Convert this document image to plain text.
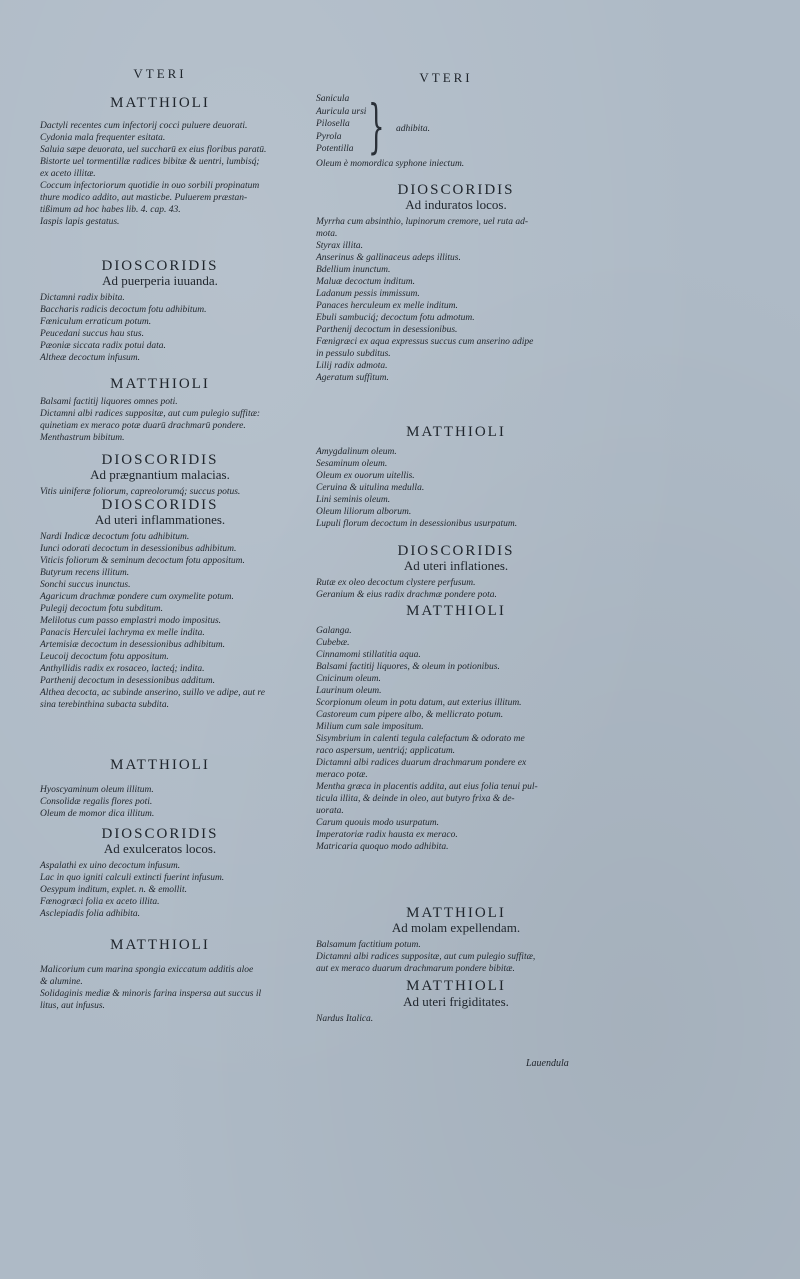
VTERI

MATTHIOLI

Dactyli recentes cum infectorij cocci puluere deuorati.

Cydonia mala frequenter esitata.

Saluia sæpe deuorata, uel succharū ex eius floribus paratū.

Bistorte uel tormentillæ radices bibitæ & uentri, lumbisq́;

ex aceto illitæ.

Coccum infectoriorum quotidie in ouo sorbili propinatum

thure modico addito, aut masticbe. Puluerem præstan-

tißimum ad hoc habes lib. 4. cap. 43.

Iaspis lapis gestatus.

DIOSCORIDIS

Ad puerperia iuuanda.

Dictamni radix bibita.

Baccharis radicis decoctum fotu adhibitum.

Fœniculum erraticum potum.

Peucedani succus hau stus.

Pæoniæ siccata radix potui data.

Altheæ decoctum infusum.

MATTHIOLI

Balsami factitij liquores omnes poti.

Dictamni albi radices suppositæ, aut cum pulegio suffitæ:

quinetiam ex meraco potæ duarū drachmarū pondere.

Menthastrum bibitum.

DIOSCORIDIS

Ad prægnantium malacias.

Vitis uiniferæ foliorum, capreolorumq́; succus potus.

DIOSCORIDIS

Ad uteri inflammationes.

Nardi Indicæ decoctum fotu adhibitum.

Iunci odorati decoctum in desessionibus adhibitum.

Viticis foliorum & seminum decoctum fotu appositum.

Butyrum recens illitum.

Sonchi succus inunctus.

Agaricum drachmæ pondere cum oxymelite potum.

Pulegij decoctum fotu subditum.

Melilotus cum passo emplastri modo impositus.

Panacis Herculei lachryma ex melle indita.

Artemisiæ decoctum in desessionibus adhibitum.

Leucoij decoctum fotu appositum.

Anthyllidis radix ex rosaceo, lacteq́; indita.

Parthenij decoctum in desessionibus additum.

Althea decocta, ac subinde anserino, suillo ve adipe, aut re

sina terebinthina subacta subdita.

MATTHIOLI

Hyoscyaminum oleum illitum.

Consolidæ regalis flores poti.

Oleum de momor dica illitum.

DIOSCORIDIS

Ad exulceratos locos.

Aspalathi ex uino decoctum infusum.

Lac in quo igniti calculi extincti fuerint infusum.

Oesypum inditum, explet. n. & emollit.

Fœnogræci folia ex aceto illita.

Asclepiadis folia adhibita.

MATTHIOLI

Malicorium cum marina spongia exiccatum additis aloe

& alumine.

Solidaginis mediæ & minoris farina inspersa aut succus il

litus, aut infusus.

VTERI

Sanicula

Auricula ursi

Pilosella

Pyrola

Potentilla } adhibita.

Oleum è momordica syphone iniectum.

DIOSCORIDIS

Ad induratos locos.

Myrrha cum absinthio, lupinorum cremore, uel ruta ad-

mota.

Styrax illita.

Anserinus & gallinaceus adeps illitus.

Bdellium inunctum.

Maluæ decoctum inditum.

Ladanum pessis immissum.

Panaces herculeum ex melle inditum.

Ebuli sambuciq́; decoctum fotu admotum.

Parthenij decoctum in desessionibus.

Fœnigræci ex aqua expressus succus cum anserino adipe

in pessulo subditus.

Lilij radix admota.

Ageratum suffitum.

MATTHIOLI

Amygdalinum oleum.

Sesaminum oleum.

Oleum ex ouorum uitellis.

Ceruina & uitulina medulla.

Lini seminis oleum.

Oleum liliorum alborum.

Lupuli florum decoctum in desessionibus usurpatum.

DIOSCORIDIS

Ad uteri inflationes.

Rutæ ex oleo decoctum clystere perfusum.

Geranium & eius radix drachmæ pondere pota.

MATTHIOLI

Galanga.

Cubebæ.

Cinnamomi stillatitia aqua.

Balsami factitij liquores, & oleum in potionibus.

Cnicinum oleum.

Laurinum oleum.

Scorpionum oleum in potu datum, aut exterius illitum.

Castoreum cum pipere albo, & mellicrato potum.

Milium cum sale impositum.

Sisymbrium in calenti tegula calefactum & odorato me

raco aspersum, uentriq́; applicatum.

Dictamni albi radices duarum drachmarum pondere ex

meraco potæ.

Mentha græca in placentis addita, aut eius folia tenui pul-

ticula illita, & deinde in oleo, aut butyro frixa & de-

uorata.

Carum quouis modo usurpatum.

Imperatoriæ radix hausta ex meraco.

Matricaria quoquo modo adhibita.

MATTHIOLI

Ad molam expellendam.

Balsamum factitium potum.

Dictamni albi radices suppositæ, aut cum pulegio suffitæ,

aut ex meraco duarum drachmarum pondere bibitæ.

MATTHIOLI

Ad uteri frigiditates.

Nardus Italica.

Lauendula
